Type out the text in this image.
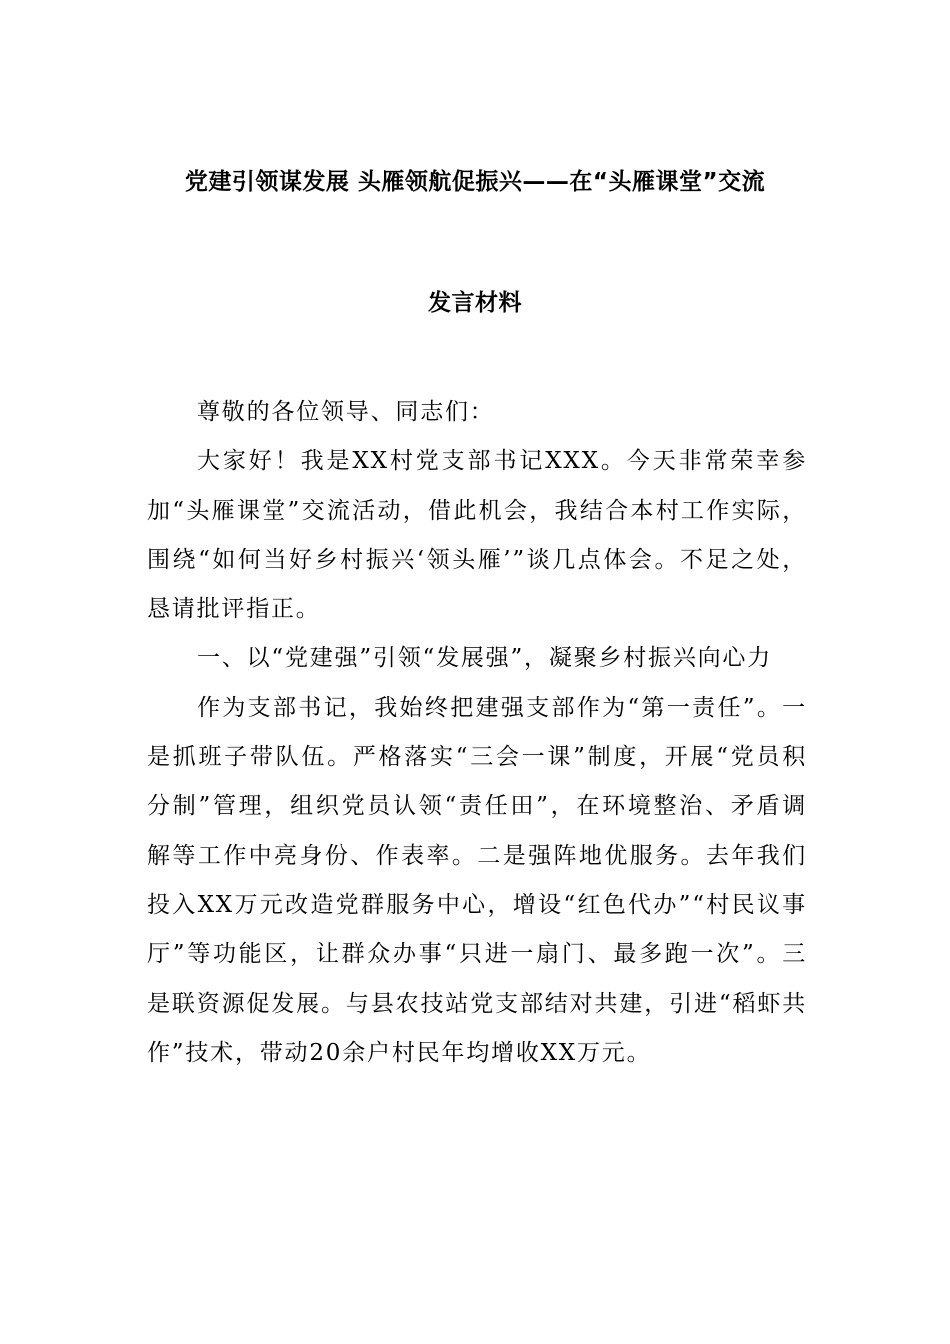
党建引领谋发展 头雁领航促振兴——在“头雁课堂”交流
发言材料

尊敬的各位领导、同志们：

大家好！我是XX村党支部书记XXX。今天非常荣幸参加“头雁课堂”交流活动，借此机会，我结合本村工作实际，围绕“如何当好乡村振兴‘领头雁’”谈几点体会。不足之处，恳请批评指正。

一、以“党建强”引领“发展强”，凝聚乡村振兴向心力

作为支部书记，我始终把建强支部作为“第一责任”。一是抓班子带队伍。严格落实“三会一课”制度，开展“党员积分制”管理，组织党员认领“责任田”，在环境整治、矛盾调解等工作中亮身份、作表率。二是强阵地优服务。去年我们投入XX万元改造党群服务中心，增设“红色代办”“村民议事厅”等功能区，让群众办事“只进一扇门、最多跑一次”。三是联资源促发展。与县农技站党支部结对共建，引进“稻虾共作”技术，带动20余户村民年均增收XX万元。
